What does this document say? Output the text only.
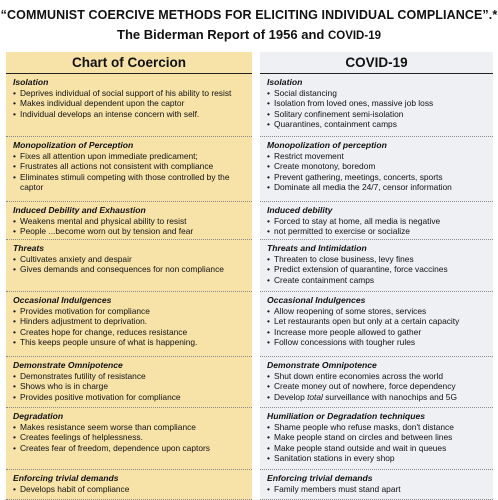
“COMMUNIST COERCIVE METHODS FOR ELICITING INDIVIDUAL COMPLIANCE”.*
The Biderman Report of 1956 and COVID-19
Chart of Coercion
Isolation
• Deprives individual of social support of his ability to resist
• Makes individual dependent upon the captor
• Individual develops an intense concern with self.
Monopolization of Perception
• Fixes all attention upon immediate predicament;
• Frustrates all actions not consistent with compliance
• Eliminates stimuli competing with those controlled by the captor
Induced Debility and Exhaustion
• Weakens mental and physical ability to resist
• People ...become worn out by tension and fear
Threats
• Cultivates anxiety and despair
• Gives demands and consequences for non compliance
Occasional Indulgences
• Provides motivation for compliance
• Hinders adjustment to deprivation.
• Creates hope for change, reduces resistance
• This keeps people unsure of what is happening.
Demonstrate Omnipotence
• Demonstrates futility of resistance
• Shows who is in charge
• Provides positive motivation for compliance
Degradation
• Makes resistance seem worse than compliance
• Creates feelings of helplessness.
• Creates fear of freedom, dependence upon captors
Enforcing trivial demands
• Develops habit of compliance
COVID-19
Isolation
• Social distancing
• Isolation from loved ones, massive job loss
• Solitary confinement semi-isolation
• Quarantines, containment camps
Monopolization of perception
• Restrict movement
• Create monotony, boredom
• Prevent gathering, meetings, concerts, sports
• Dominate all media the 24/7, censor information
Induced debility
• Forced to stay at home, all media is negative
• not permitted to exercise or socialize
Threats and Intimidation
• Threaten to close business, levy fines
• Predict extension of quarantine, force vaccines
• Create containment camps
Occasional Indulgences
• Allow reopening of some stores, services
• Let restaurants open but only at a certain capacity
• Increase more people allowed to gather
• Follow concessions with tougher rules
Demonstrate Omnipotence
• Shut down entire economies across the world
• Create money out of nowhere, force dependency
• Develop total surveillance with nanochips and 5G
Humiliation or Degradation techniques
• Shame people who refuse masks, don't distance
• Make people stand on circles and between lines
• Make people stand outside and wait in queues
• Sanitation stations in every shop
Enforcing trivial demands
• Family members must stand apart
